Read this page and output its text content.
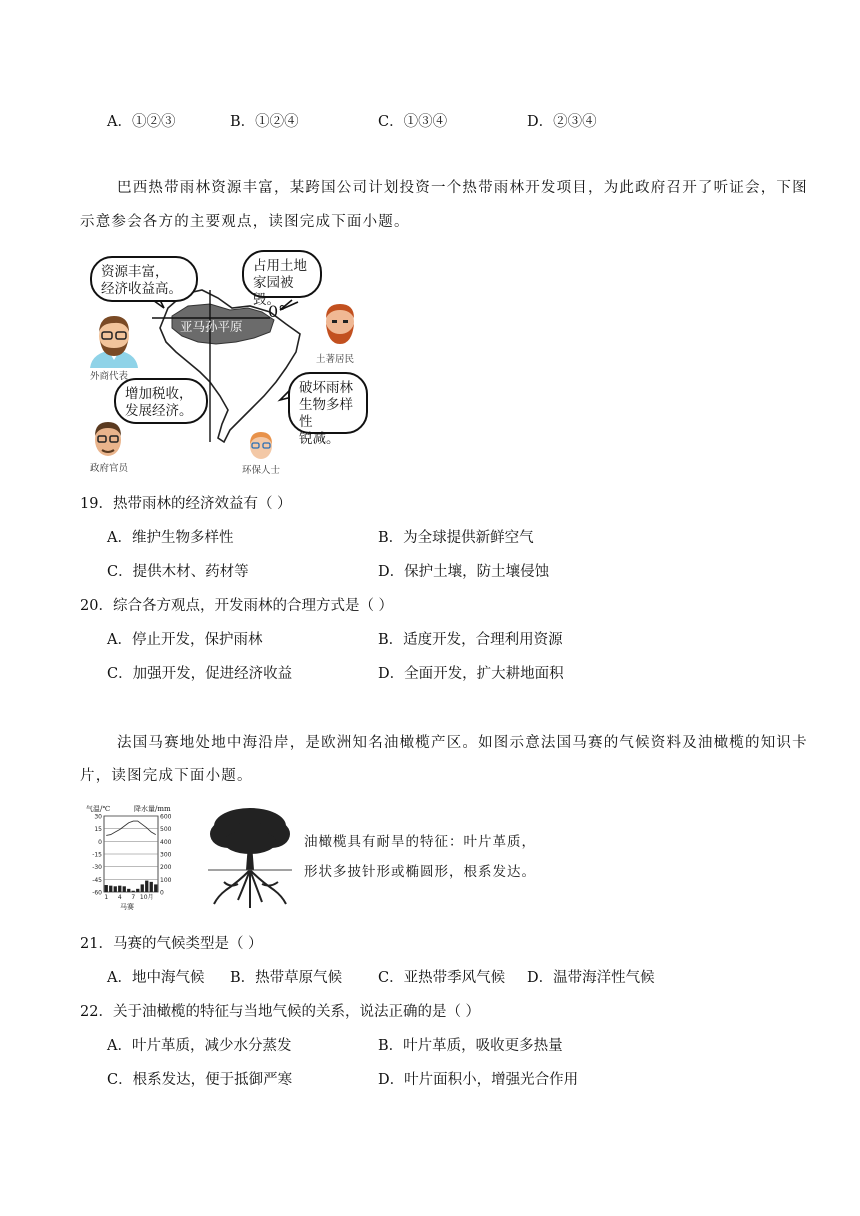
A．①②③	B．①②④	C．①③④	D．②③④
巴西热带雨林资源丰富，某跨国公司计划投资一个热带雨林开发项目，为此政府召开了听证会，下图
示意参会各方的主要观点，读图完成下面小题。
亚马孙平原
0°
资源丰富，
经济收益高。
占用土地
家园被毁。
增加税收，
发展经济。
破坏雨林
生物多样性
锐减。
外商代表
土著居民
政府官员	环保人士
19．热带雨林的经济效益有（ ）
A．维护生物多样性	B．为全球提供新鲜空气
C．提供木材、药材等	D．保护土壤，防土壤侵蚀
20．综合各方观点，开发雨林的合理方式是（ ）
A．停止开发，保护雨林	B．适度开发，合理利用资源
C．加强开发，促进经济收益	D．全面开发，扩大耕地面积
法国马赛地处地中海沿岸，是欧洲知名油橄榄产区。如图示意法国马赛的气候资料及油橄榄的知识卡
片，读图完成下面小题。
气温/℃	降水量/mm
30
15
0
-15
-30
-45
-60
600
500
400
300
200
100
0
1 4 7 10月
马赛
油橄榄具有耐旱的特征：叶片革质，
形状多披针形或椭圆形，根系发达。
21．马赛的气候类型是（ ）
A．地中海气候 B．热带草原气候 C．亚热带季风气候 D．温带海洋性气候
22．关于油橄榄的特征与当地气候的关系，说法正确的是（ ）
A．叶片革质，减少水分蒸发	B．叶片革质，吸收更多热量
C．根系发达，便于抵御严寒	D．叶片面积小，增强光合作用
